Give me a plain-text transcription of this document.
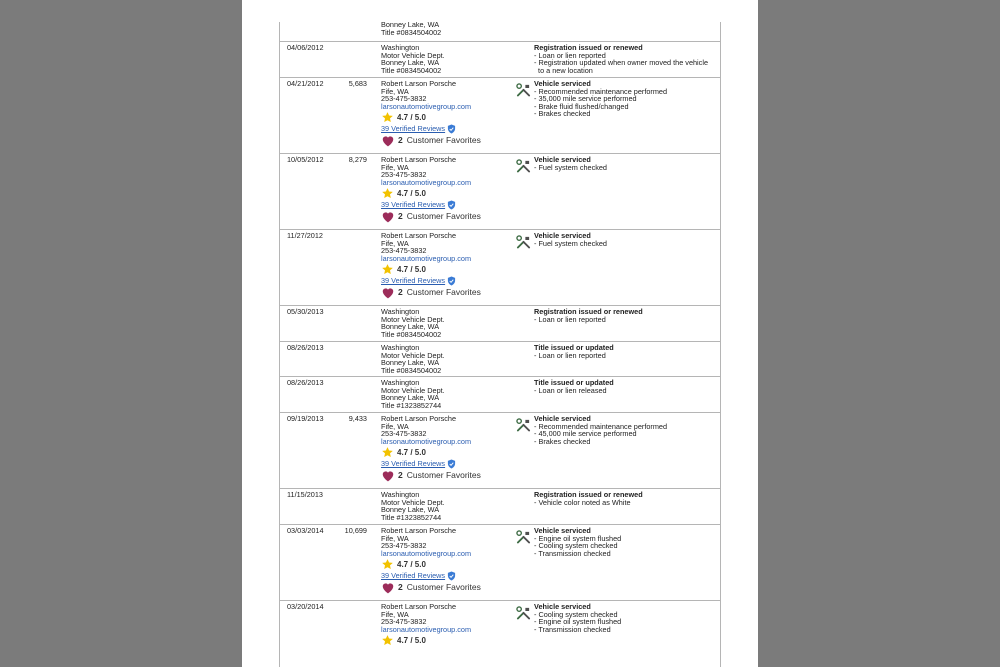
Bonney Lake, WA
Title #0834504002
04/06/2012	Washington
Motor Vehicle Dept.
Bonney Lake, WA
Title #0834504002
Registration issued or renewed
- Loan or lien reported
- Registration updated when owner moved the vehicle
to a new location
04/21/2012	5,683 Robert Larson Porsche
Fife, WA
253-475-3832
larsonautomotivegroup.com
4.7 / 5.0
39 Verified Reviews
2 Customer Favorites
Vehicle serviced
- Recommended maintenance performed
- 35,000 mile service performed
- Brake fluid flushed/changed
- Brakes checked
10/05/2012	8,279 Robert Larson Porsche
Fife, WA
253-475-3832
larsonautomotivegroup.com
4.7 / 5.0
39 Verified Reviews
2 Customer Favorites
Vehicle serviced
- Fuel system checked
11/27/2012	Robert Larson Porsche
Fife, WA
253-475-3832
larsonautomotivegroup.com
4.7 / 5.0
39 Verified Reviews
2 Customer Favorites
Vehicle serviced
- Fuel system checked
05/30/2013	Washington
Motor Vehicle Dept.
Bonney Lake, WA
Title #0834504002
Registration issued or renewed
- Loan or lien reported
08/26/2013	Washington
Motor Vehicle Dept.
Bonney Lake, WA
Title #0834504002
Title issued or updated
- Loan or lien reported
08/26/2013	Washington
Motor Vehicle Dept.
Bonney Lake, WA
Title #1323852744
Title issued or updated
- Loan or lien released
09/19/2013	9,433 Robert Larson Porsche
Fife, WA
253-475-3832
larsonautomotivegroup.com
4.7 / 5.0
39 Verified Reviews
2 Customer Favorites
Vehicle serviced
- Recommended maintenance performed
- 45,000 mile service performed
- Brakes checked
11/15/2013	Washington
Motor Vehicle Dept.
Bonney Lake, WA
Title #1323852744
Registration issued or renewed
- Vehicle color noted as White
03/03/2014	10,699 Robert Larson Porsche
Fife, WA
253-475-3832
larsonautomotivegroup.com
4.7 / 5.0
39 Verified Reviews
2 Customer Favorites
Vehicle serviced
- Engine oil system flushed
- Cooling system checked
- Transmission checked
03/20/2014	Robert Larson Porsche
Fife, WA
253-475-3832
larsonautomotivegroup.com
4.7 / 5.0
Vehicle serviced
- Cooling system checked
- Engine oil system flushed
- Transmission checked
